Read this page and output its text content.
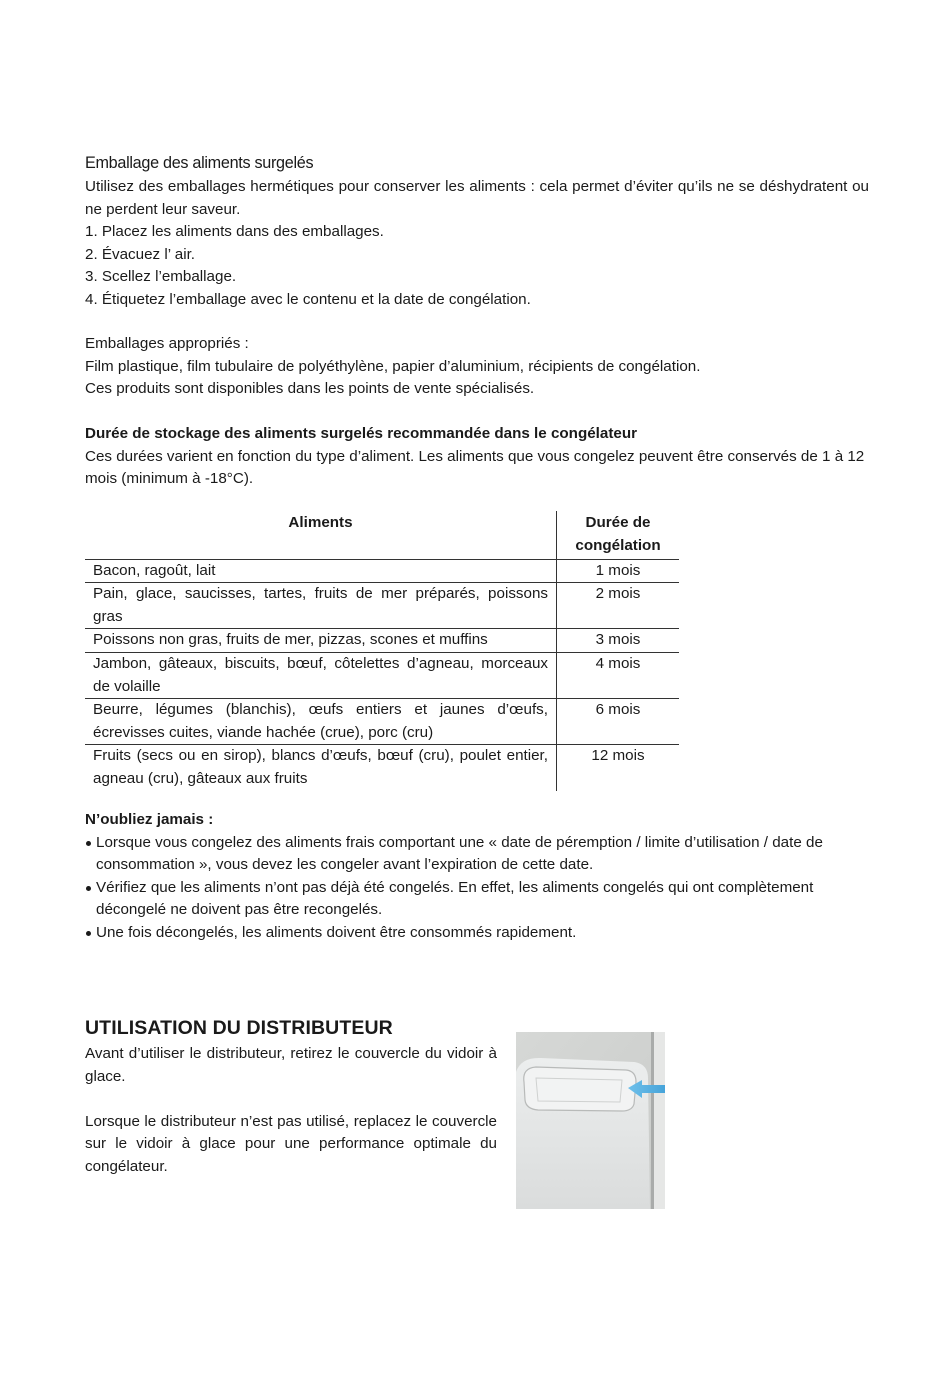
Emballage des aliments surgelés

Utilisez des emballages hermétiques pour conserver les aliments : cela permet d’éviter qu’ils ne se déshydratent ou ne perdent leur saveur.

1. Placez les aliments dans des emballages.

2. Évacuez l’ air.

3. Scellez l’emballage.

4. Étiquetez l’emballage avec le contenu et la date de congélation.

Emballages appropriés :

Film plastique, film tubulaire de polyéthylène, papier d’aluminium, récipients de congélation.

Ces produits sont disponibles dans les points de vente spécialisés.

Durée de stockage des aliments surgelés recommandée dans le congélateur

Ces durées varient en fonction du type d’aliment. Les aliments que vous congelez peuvent être conservés de 1 à 12 mois (minimum à -18°C).

Aliments	Durée de congélation
Bacon, ragoût, lait	1 mois
Pain, glace, saucisses, tartes, fruits de mer préparés, poissons gras	2 mois
Poissons non gras, fruits de mer, pizzas, scones et muffins	3 mois
Jambon, gâteaux, biscuits, bœuf, côtelettes d’agneau, morceaux de volaille	4 mois
Beurre, légumes (blanchis), œufs entiers et jaunes d’œufs, écrevisses cuites, viande hachée (crue), porc (cru)	6 mois
Fruits (secs ou en sirop), blancs d’œufs, bœuf (cru), poulet entier, agneau (cru), gâteaux aux fruits	12 mois

N’oubliez jamais :

Lorsque vous congelez des aliments frais comportant une « date de péremption / limite d’utilisation / date de consommation », vous devez les congeler avant l’expiration de cette date.
Vérifiez que les aliments n’ont pas déjà été congelés. En effet, les aliments congelés qui ont complètement décongelé ne doivent pas être recongelés.
Une fois décongelés, les aliments doivent être consommés rapidement.
UTILISATION DU DISTRIBUTEUR

Avant d’utiliser le distributeur, retirez le couvercle du vidoir à glace.

Lorsque le distributeur n’est pas utilisé, replacez le couvercle sur le vidoir à glace pour une performance optimale du congélateur.
